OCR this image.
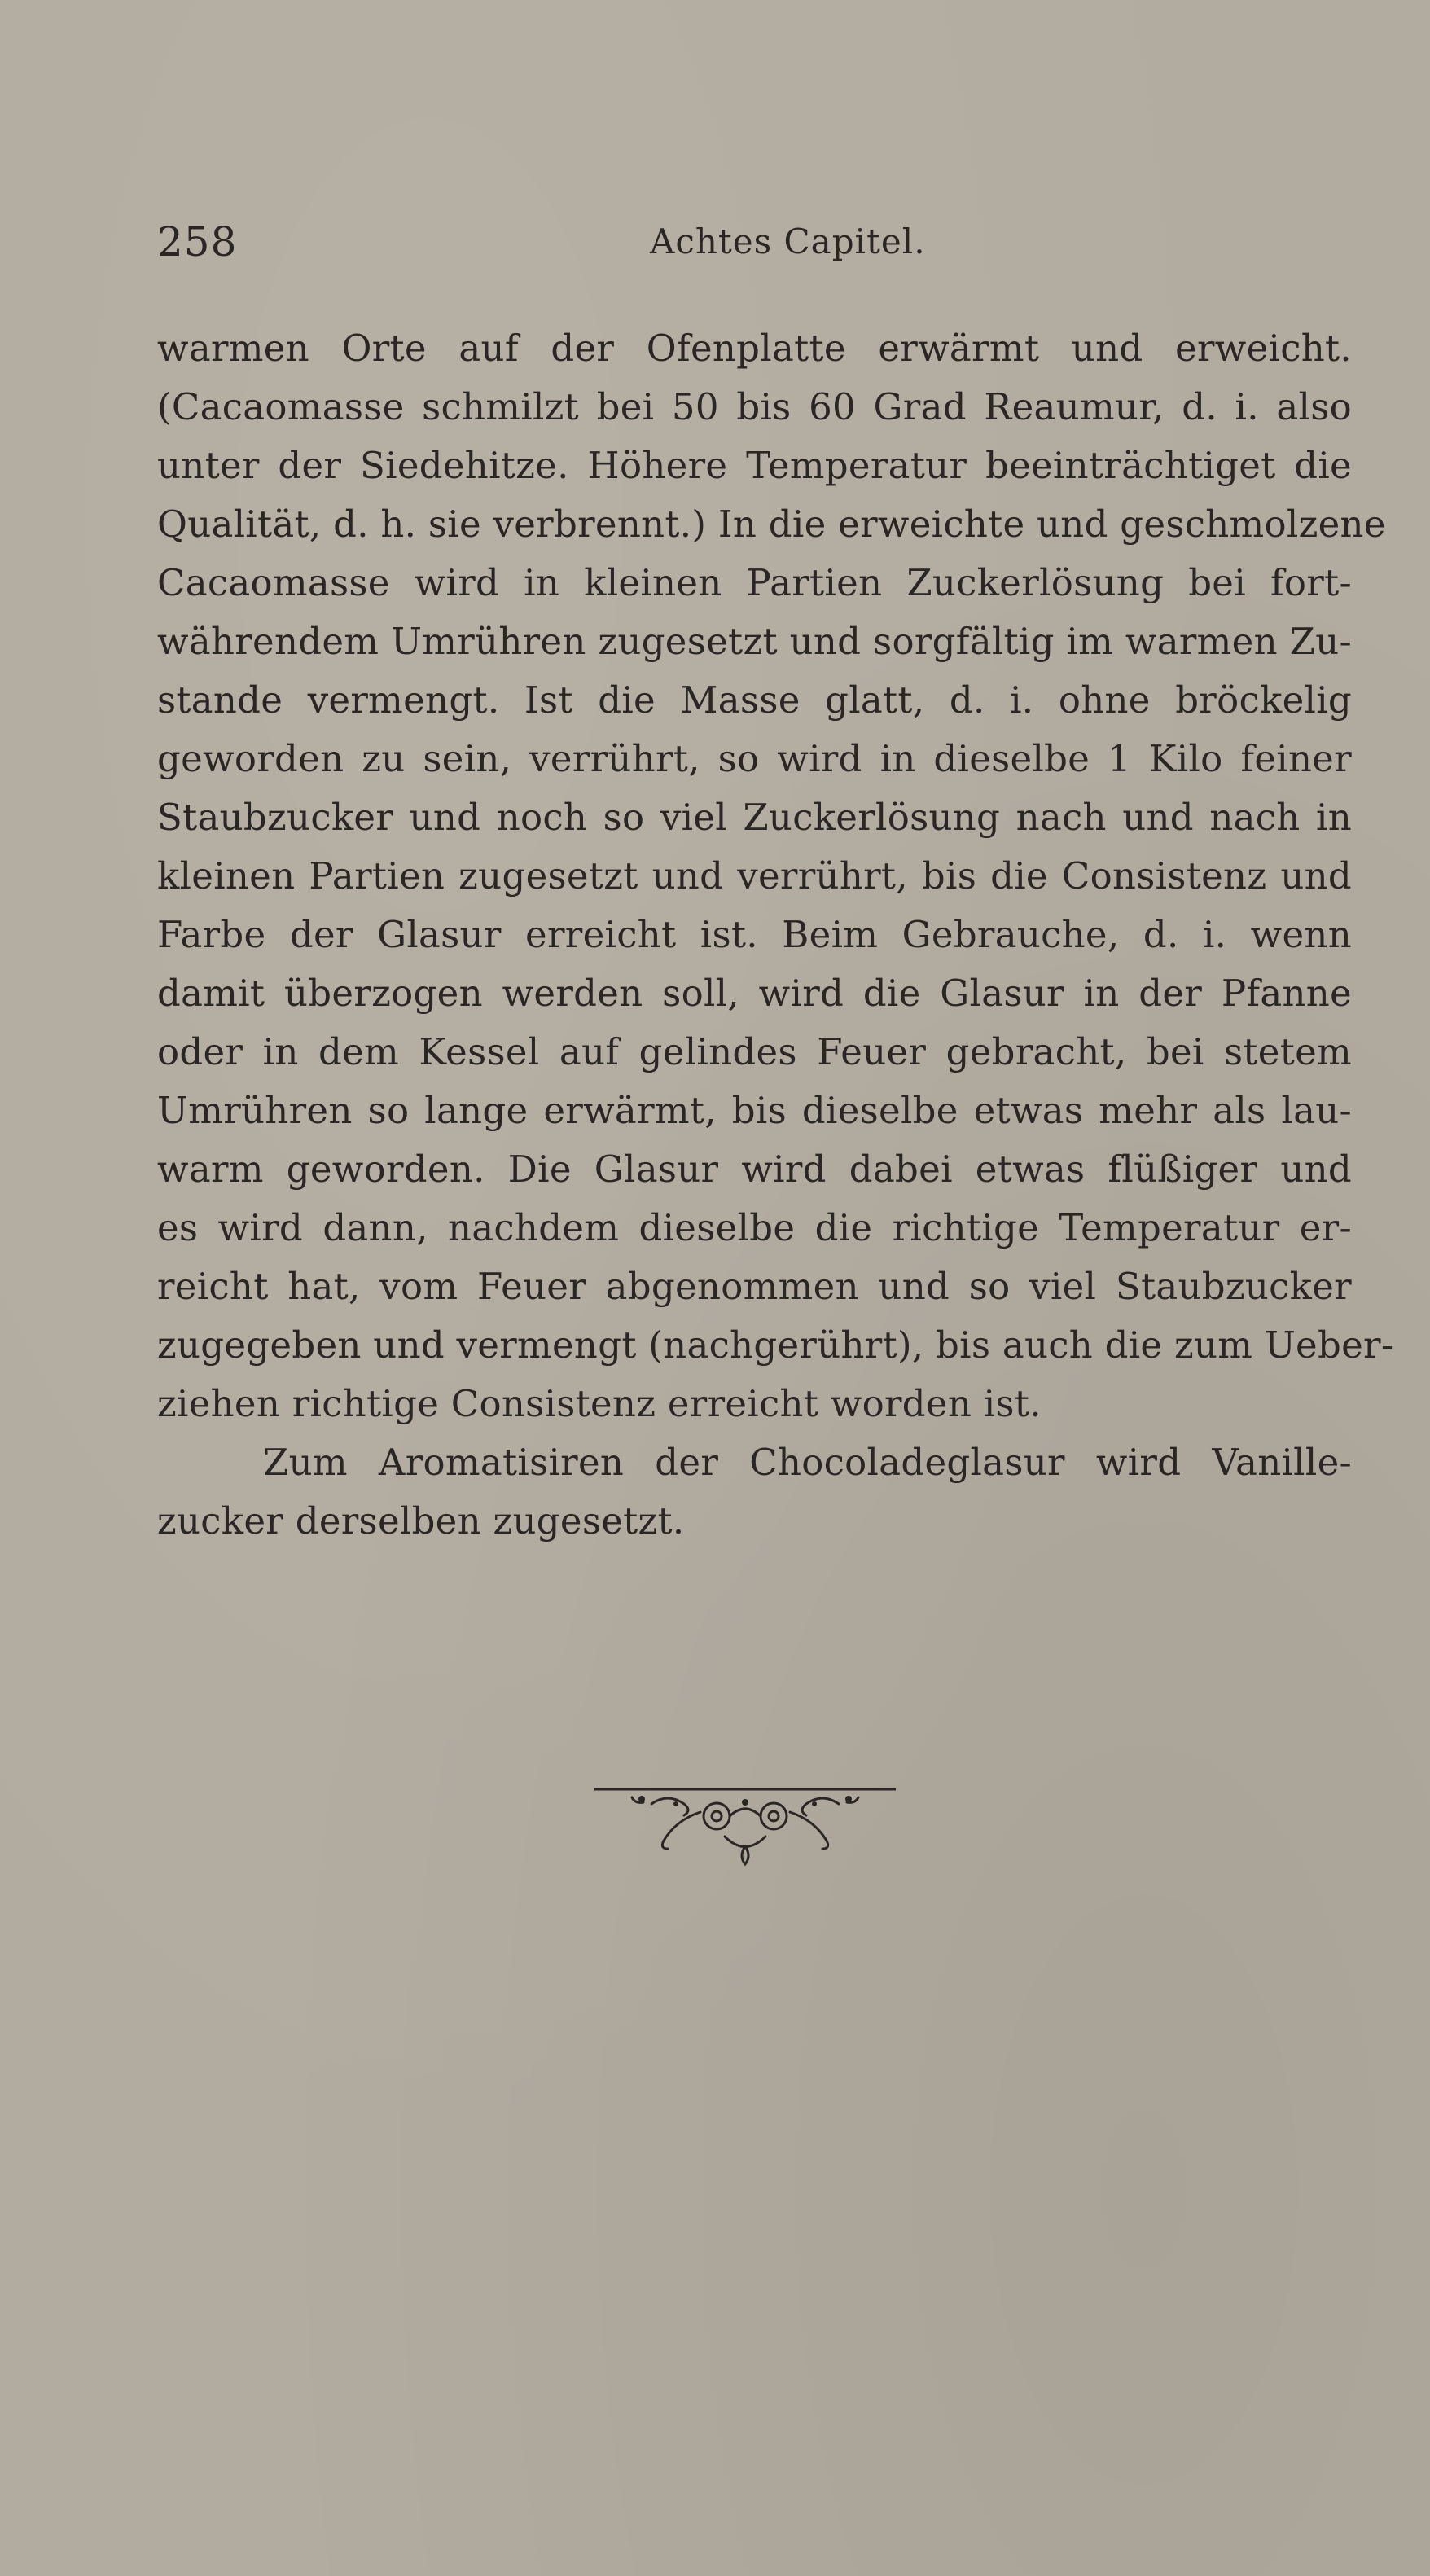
258	Achtes Capitel.
warmen Orte auf der Ofenplatte erwärmt und erweicht.
(Cacaomasse schmilzt bei 50 bis 60 Grad Reaumur, d. i. also
unter der Siedehitze. Höhere Temperatur beeinträchtiget die
Qualität, d. h. sie verbrennt.) In die erweichte und geschmolzene
Cacaomasse wird in kleinen Partien Zuckerlösung bei fort-
währendem Umrühren zugesetzt und sorgfältig im warmen Zu-
stande vermengt. Ist die Masse glatt, d. i. ohne bröckelig
geworden zu sein, verrührt, so wird in dieselbe 1 Kilo feiner
Staubzucker und noch so viel Zuckerlösung nach und nach in
kleinen Partien zugesetzt und verrührt, bis die Consistenz und
Farbe der Glasur erreicht ist. Beim Gebrauche, d. i. wenn
damit überzogen werden soll, wird die Glasur in der Pfanne
oder in dem Kessel auf gelindes Feuer gebracht, bei stetem
Umrühren so lange erwärmt, bis dieselbe etwas mehr als lau-
warm geworden. Die Glasur wird dabei etwas flüßiger und
es wird dann, nachdem dieselbe die richtige Temperatur er-
reicht hat, vom Feuer abgenommen und so viel Staubzucker
zugegeben und vermengt (nachgerührt), bis auch die zum Ueber-
ziehen richtige Consistenz erreicht worden ist.
Zum Aromatisiren der Chocoladeglasur wird Vanille-
zucker derselben zugesetzt.
